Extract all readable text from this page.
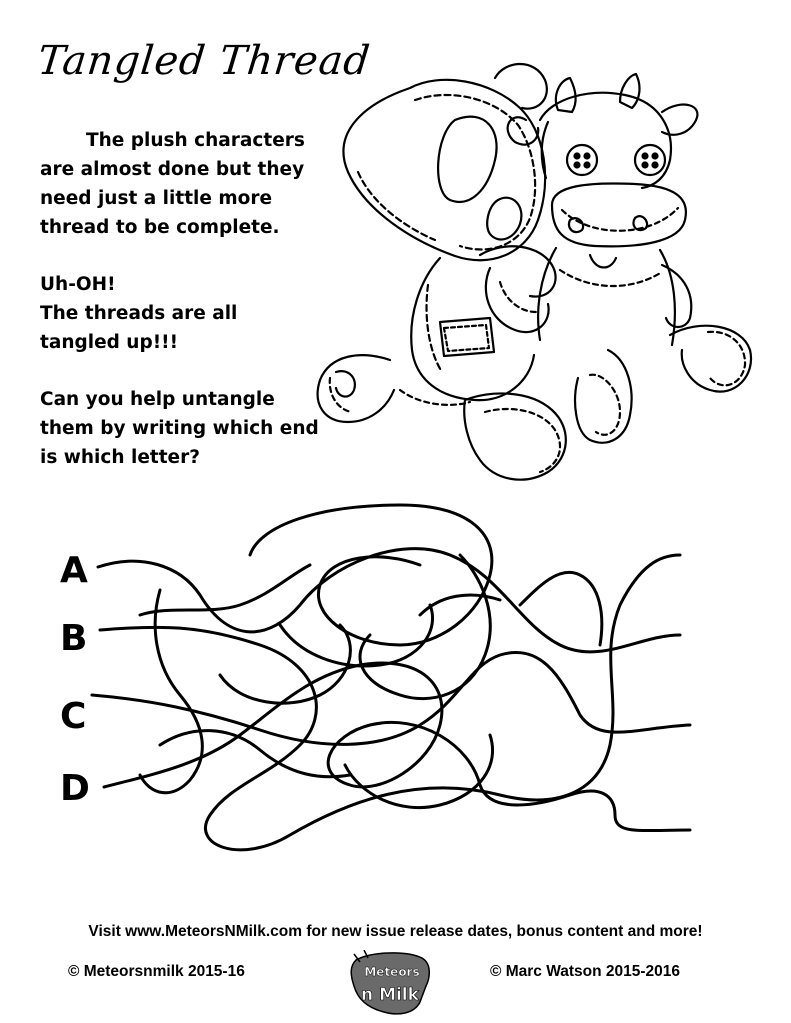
Tangled Thread

The plush characters are almost done but they need just a little more thread to be complete.

Uh-OH!

The threads are all tangled up!!!

Can you help untangle them by writing which end is which letter?

A
B
C
D
Visit www.MeteorsNMilk.com for new issue release dates, bonus content and more!
© Meteorsnmilk 2015-16	© Marc Watson 2015-2016
Meteors
n Milk
